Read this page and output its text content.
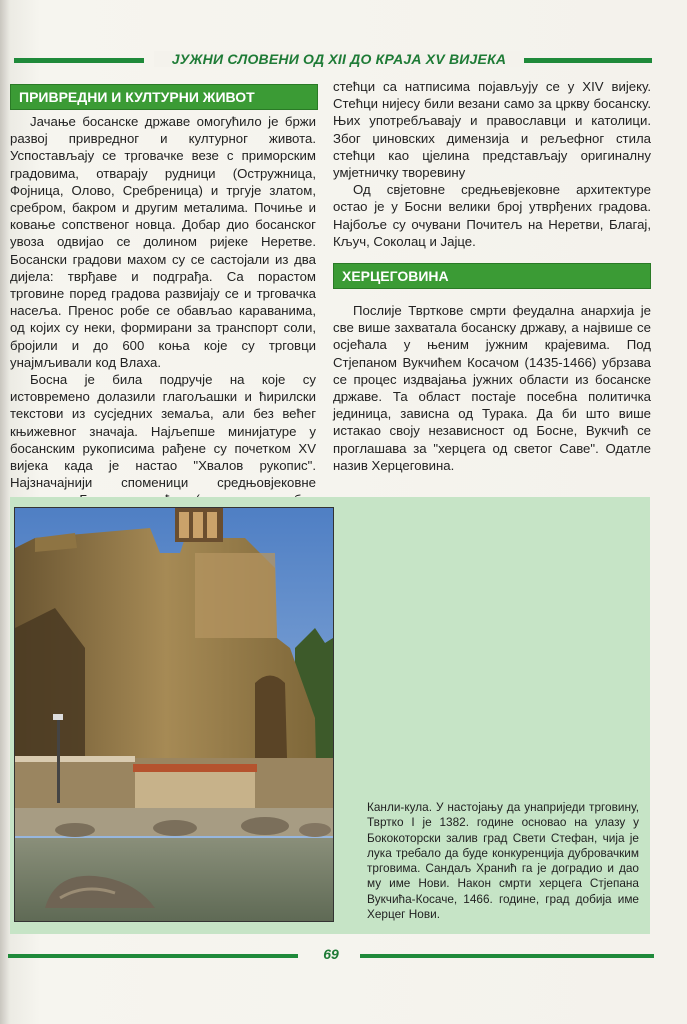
ЈУЖНИ СЛОВЕНИ ОД XII ДО КРАЈА XV ВИЈЕКА
ПРИВРЕДНИ И КУЛТУРНИ ЖИВОТ

Јачање босанске државе омогућило је бржи развој привредног и културног живота. Успостављају се трговачке везе с приморским градовима, отварају рудници (Остружница, Фојница, Олово, Сребреница) и тргује златом, сребром, бакром и другим металима. Почиње и ковање сопственог новца. Добар дио босанског увоза одвијао се долином ријеке Неретве. Босански градови махом су се састојали из два дијела: тврђаве и подграђа. Са порастом трговине поред градова развијају се и трговачка насеља. Пренос робе се обављао караванима, од којих су неки, формирани за транспорт соли, бројили и до 600 коња које су трговци унајмљивали код Влаха.

Босна је била подручје на које су истовремено долазили глагољашки и ћирилски текстови из сусједних земаља, али без већег књижевног значаја. Најљепше минијатуре у босанским рукописима рађене су почетком XV вијека када је настао "Хвалов рукопис". Најзначајнији споменици средњовјековне

стећци са натписима појављују се у XIV вијеку. Стећци нијесу били везани само за цркву босанску. Њих употребљавају и православци и католици. Због џиновских димензија и рељефног стила стећци као цјелина представљају оригиналну умјетничку творевину

Од свјетовне средњевјековне архитектуре остао је у Босни велики број утврђених градова. Најбоље су очувани Почитељ на Неретви, Благај, Кључ, Соколац и Јајце.

ХЕРЦЕГОВИНА

Послије Твртковe смрти феудална анархија је све више захватала босанску државу, а највише се осјећала у њеним јужним крајевима. Под Стјепаном Вукчићем Косачом (1435-1466) убрзава се процес издвајања јужних области из босанске државе. Та област постаје посебна политичка јединица, зависна од Турака. Да би што више истакао своју независност од Босне, Вукчић се проглашава за "херцега од светог Саве". Одатле назив Херцеговина.

Канли-кула. У настојању да унаприједи трговину, Твртко I је 1382. године основао на улазу у Бококоторски залив град Свети Стефан, чија је лука требало да буде конкуренција дубровачким трговима. Сандаљ Хранић га је доградио и дао му име Нови. Након смрти херцега Стјепана Вукчића-Косаче, 1466. године, град добија име Херцег Нови.

69
